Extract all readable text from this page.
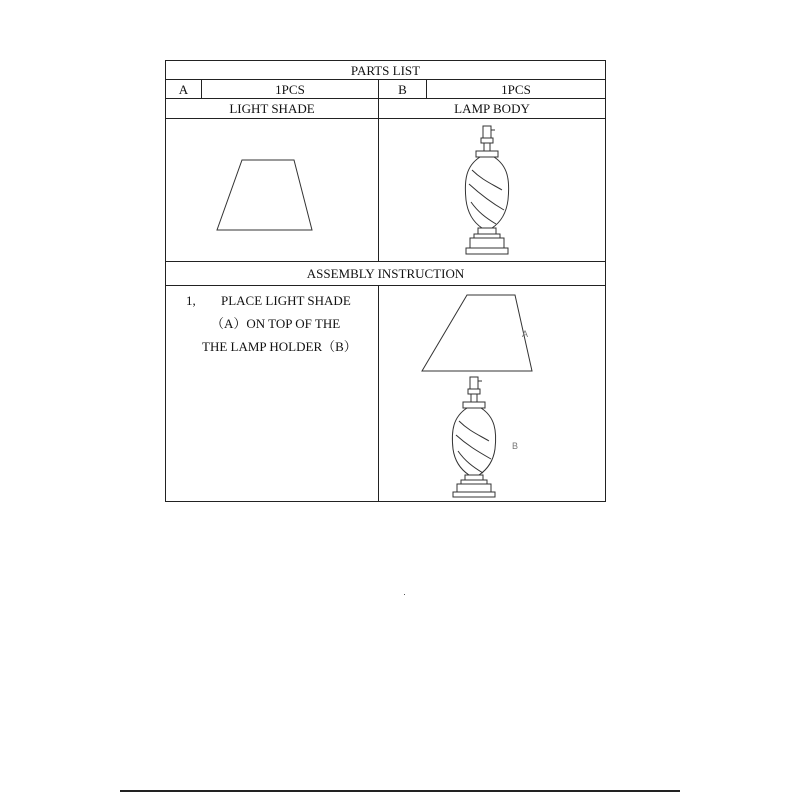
PARTS LIST
A	1PCS	B	1PCS
LIGHT SHADE	LAMP BODY
ASSEMBLY INSTRUCTION
1, PLACE LIGHT SHADE
（A）ON TOP OF THE
THE LAMP HOLDER（B）
A
B
